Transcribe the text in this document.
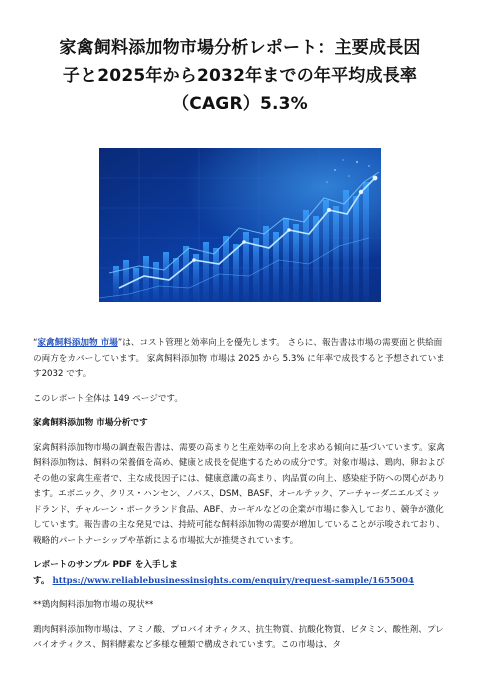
家禽飼料添加物市場分析レポート：主要成長因
子と2025年から2032年までの年平均成長率
（CAGR）5.3%

“家禽飼料添加物 市場”は、コスト管理と効率向上を優先します。 さらに、報告書は市場の需要面と供給面の両方をカバーしています。 家禽飼料添加物 市場は 2025 から 5.3% に年率で成長すると予想されています2032 です。

このレポート全体は 149 ページです。

家禽飼料添加物 市場分析です

家禽飼料添加物市場の調査報告書は、需要の高まりと生産効率の向上を求める傾向に基づいています。家禽飼料添加物は、飼料の栄養価を高め、健康と成長を促進するための成分です。対象市場は、鶏肉、卵およびその他の家禽生産者で、主な成長因子には、健康意識の高まり、肉品質の向上、感染症予防への関心があります。エボニック、クリス・ハンセン、ノバス、DSM、BASF、オールテック、アーチャーダニエルズミッドランド、チャルーン・ポークランド食品、ABF、カーギルなどの企業が市場に参入しており、競争が激化しています。報告書の主な発見では、持続可能な飼料添加物の需要が増加していることが示唆されており、戦略的パートナーシップや革新による市場拡大が推奨されています。

レポートのサンプル PDF を入手しま す。 https://www.reliablebusinessinsights.com/enquiry/request-sample/1655004

**鶏肉飼料添加物市場の現状**

鶏肉飼料添加物市場は、アミノ酸、プロバイオティクス、抗生物質、抗酸化物質、ビタミン、酸性剤、プレバイオティクス、飼料酵素など多様な種類で構成されています。この市場は、タ
